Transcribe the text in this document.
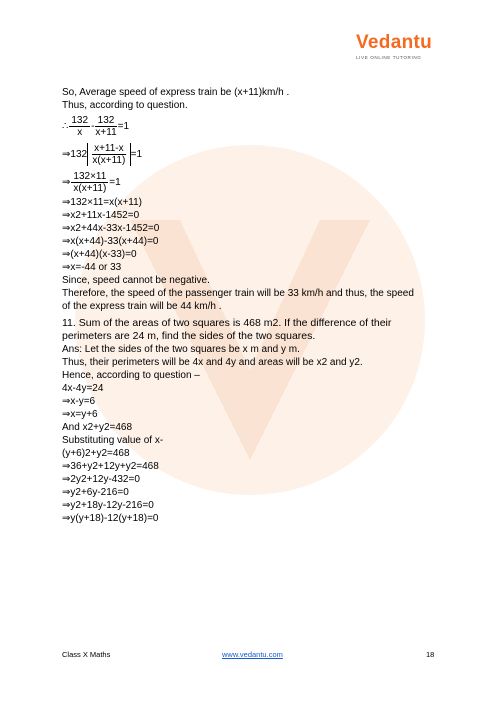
Vedantu
LIVE ONLINE TUTORING
So, Average speed of express train be (x+11)km/h .
Thus, according to question.
∴ $\frac{132}{x} - \frac{132}{x+11} =1$
⇒132 $\frac{x+11-x}{x(x+11)} =1$
⇒ $\frac{132\times 11}{x(x+11)} =1$
⇒132×11=x(x+11)
⇒x2+11x-1452=0
⇒x2+44x-33x-1452=0
⇒x(x+44)-33(x+44)=0
⇒(x+44)(x-33)=0
⇒x=-44 or 33
Since, speed cannot be negative.
Therefore, the speed of the passenger train will be 33 km/h and thus, the speed
of the express train will be 44 km/h .
11. Sum of the areas of two squares is 468 m2. If the difference of their
perimeters are 24 m, find the sides of the two squares.
Ans: Let the sides of the two squares be x m and y m.
Thus, their perimeters will be 4x and 4y and areas will be x2 and y2.
Hence, according to question –
4x-4y=24
⇒x-y=6
⇒x=y+6
And x2+y2=468
Substituting value of x-
(y+6)2+y2=468
⇒36+y2+12y+y2=468
⇒2y2+12y-432=0
⇒y2+6y-216=0
⇒y2+18y-12y-216=0
⇒y(y+18)-12(y+18)=0
Class X Maths	www.vedantu.com	18
